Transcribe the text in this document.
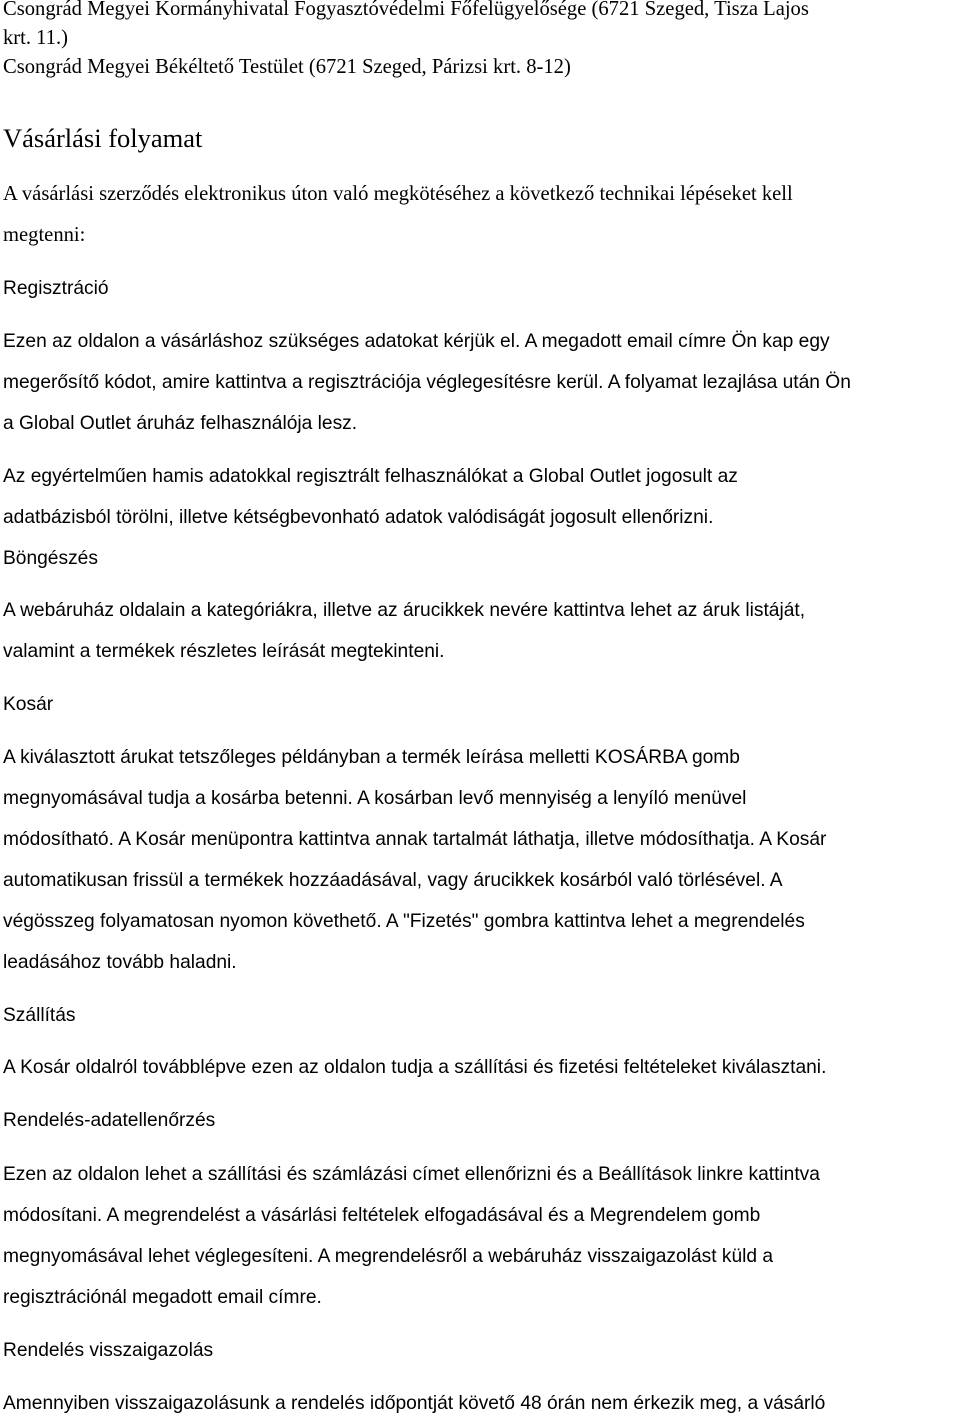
Csongrád Megyei Kormányhivatal Fogyasztóvédelmi Főfelügyelősége (6721 Szeged, Tisza Lajos
krt. 11.)
Csongrád Megyei Békéltető Testület (6721 Szeged, Párizsi krt. 8-12)
Vásárlási folyamat
A vásárlási szerződés elektronikus úton való megkötéséhez a következő technikai lépéseket kell
megtenni:
Regisztráció
Ezen az oldalon a vásárláshoz szükséges adatokat kérjük el. A megadott email címre Ön kap egy
megerősítő kódot, amire kattintva a regisztrációja véglegesítésre kerül. A folyamat lezajlása után Ön
a Global Outlet áruház felhasználója lesz.
Az egyértelműen hamis adatokkal regisztrált felhasználókat a Global Outlet jogosult az
adatbázisból törölni, illetve kétségbevonható adatok valódiságát jogosult ellenőrizni.
Böngészés
A webáruház oldalain a kategóriákra, illetve az árucikkek nevére kattintva lehet az áruk listáját,
valamint a termékek részletes leírását megtekinteni.
Kosár
A kiválasztott árukat tetszőleges példányban a termék leírása melletti KOSÁRBA gomb
megnyomásával tudja a kosárba betenni. A kosárban levő mennyiség a lenyíló menüvel
módosítható. A Kosár menüpontra kattintva annak tartalmát láthatja, illetve módosíthatja. A Kosár
automatikusan frissül a termékek hozzáadásával, vagy árucikkek kosárból való törlésével. A
végösszeg folyamatosan nyomon követhető. A "Fizetés" gombra kattintva lehet a megrendelés
leadásához tovább haladni.
Szállítás
A Kosár oldalról továbblépve ezen az oldalon tudja a szállítási és fizetési feltételeket kiválasztani.
Rendelés-adatellenőrzés
Ezen az oldalon lehet a szállítási és számlázási címet ellenőrizni és a Beállítások linkre kattintva
módosítani. A megrendelést a vásárlási feltételek elfogadásával és a Megrendelem gomb
megnyomásával lehet véglegesíteni. A megrendelésről a webáruház visszaigazolást küld a
regisztrációnál megadott email címre.
Rendelés visszaigazolás
Amennyiben visszaigazolásunk a rendelés időpontját követő 48 órán nem érkezik meg, a vásárló
